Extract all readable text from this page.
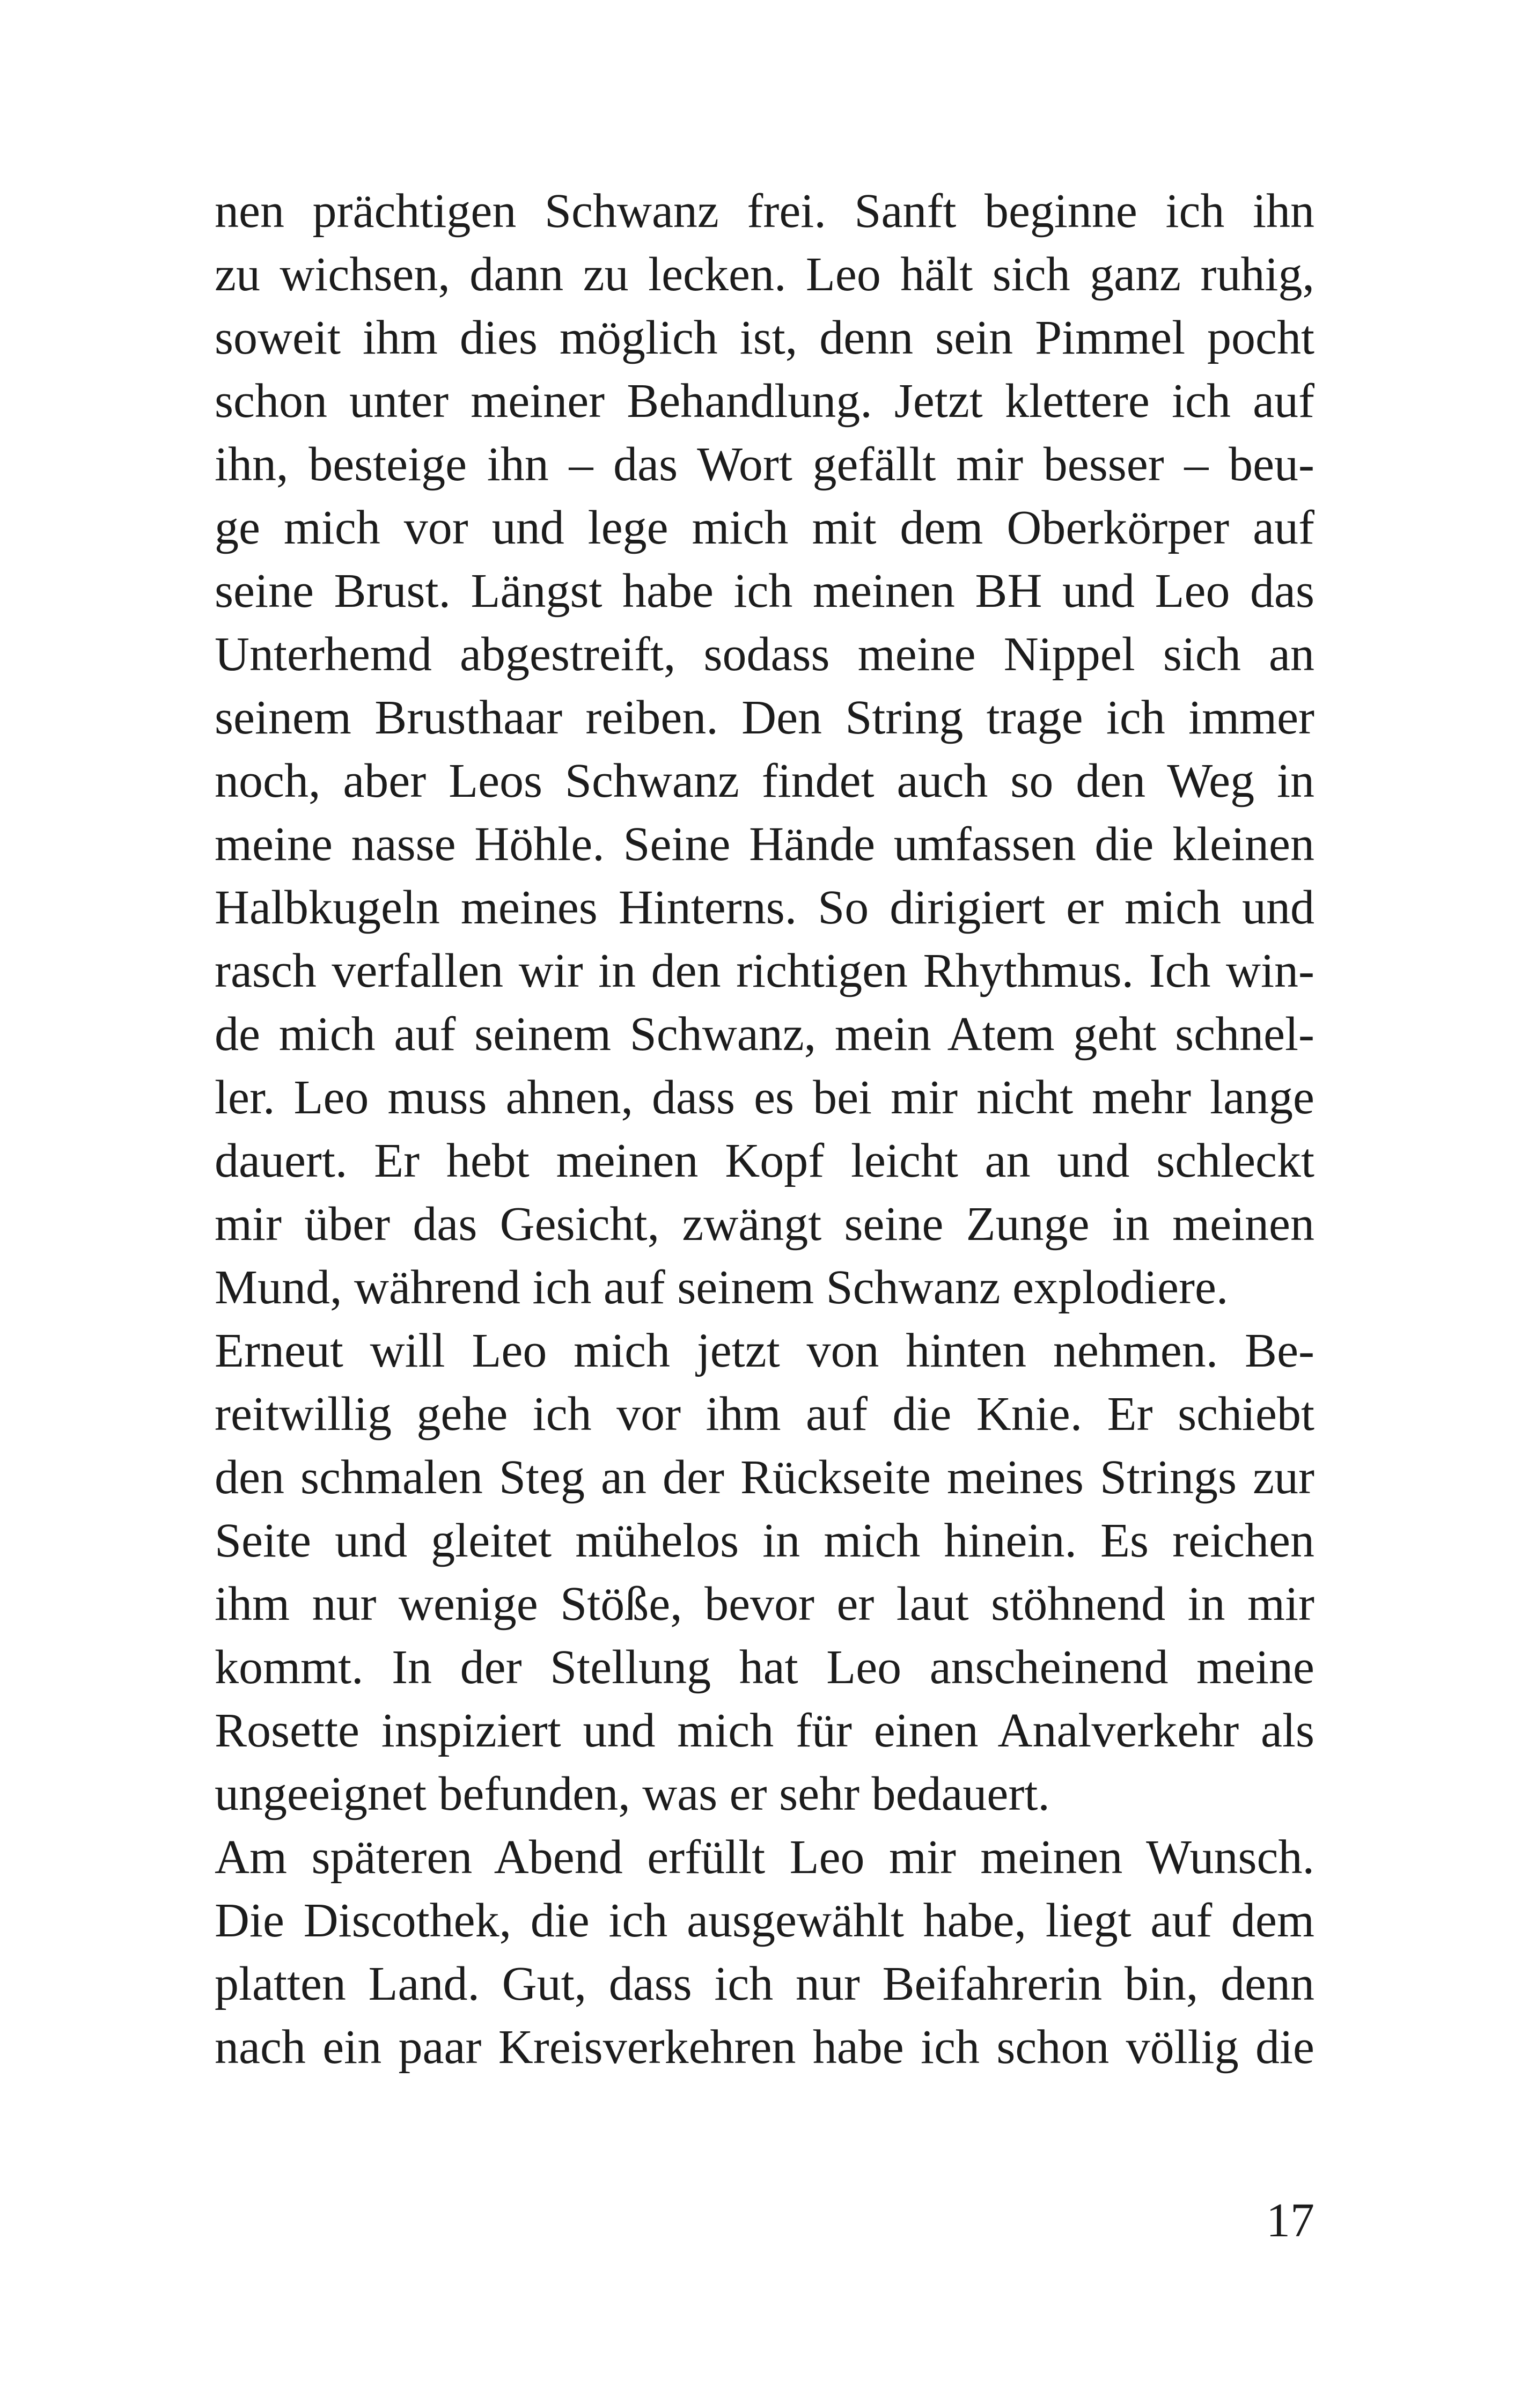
nen prächtigen Schwanz frei. Sanft beginne ich ihn
zu wichsen, dann zu lecken. Leo hält sich ganz ruhig,
soweit ihm dies möglich ist, denn sein Pimmel pocht
schon unter meiner Behandlung. Jetzt klettere ich auf
ihn, besteige ihn – das Wort gefällt mir besser – beu-
ge mich vor und lege mich mit dem Oberkörper auf
seine Brust. Längst habe ich meinen BH und Leo das
Unterhemd abgestreift, sodass meine Nippel sich an
seinem Brusthaar reiben. Den String trage ich immer
noch, aber Leos Schwanz findet auch so den Weg in
meine nasse Höhle. Seine Hände umfassen die kleinen
Halbkugeln meines Hinterns. So dirigiert er mich und
rasch verfallen wir in den richtigen Rhythmus. Ich win-
de mich auf seinem Schwanz, mein Atem geht schnel-
ler. Leo muss ahnen, dass es bei mir nicht mehr lange
dauert. Er hebt meinen Kopf leicht an und schleckt
mir über das Gesicht, zwängt seine Zunge in meinen
Mund, während ich auf seinem Schwanz explodiere.
Erneut will Leo mich jetzt von hinten nehmen. Be-
reitwillig gehe ich vor ihm auf die Knie. Er schiebt
den schmalen Steg an der Rückseite meines Strings zur
Seite und gleitet mühelos in mich hinein. Es reichen
ihm nur wenige Stöße, bevor er laut stöhnend in mir
kommt. In der Stellung hat Leo anscheinend meine
Rosette inspiziert und mich für einen Analverkehr als
ungeeignet befunden, was er sehr bedauert.
Am späteren Abend erfüllt Leo mir meinen Wunsch.
Die Discothek, die ich ausgewählt habe, liegt auf dem
platten Land. Gut, dass ich nur Beifahrerin bin, denn
nach ein paar Kreisverkehren habe ich schon völlig die
17
